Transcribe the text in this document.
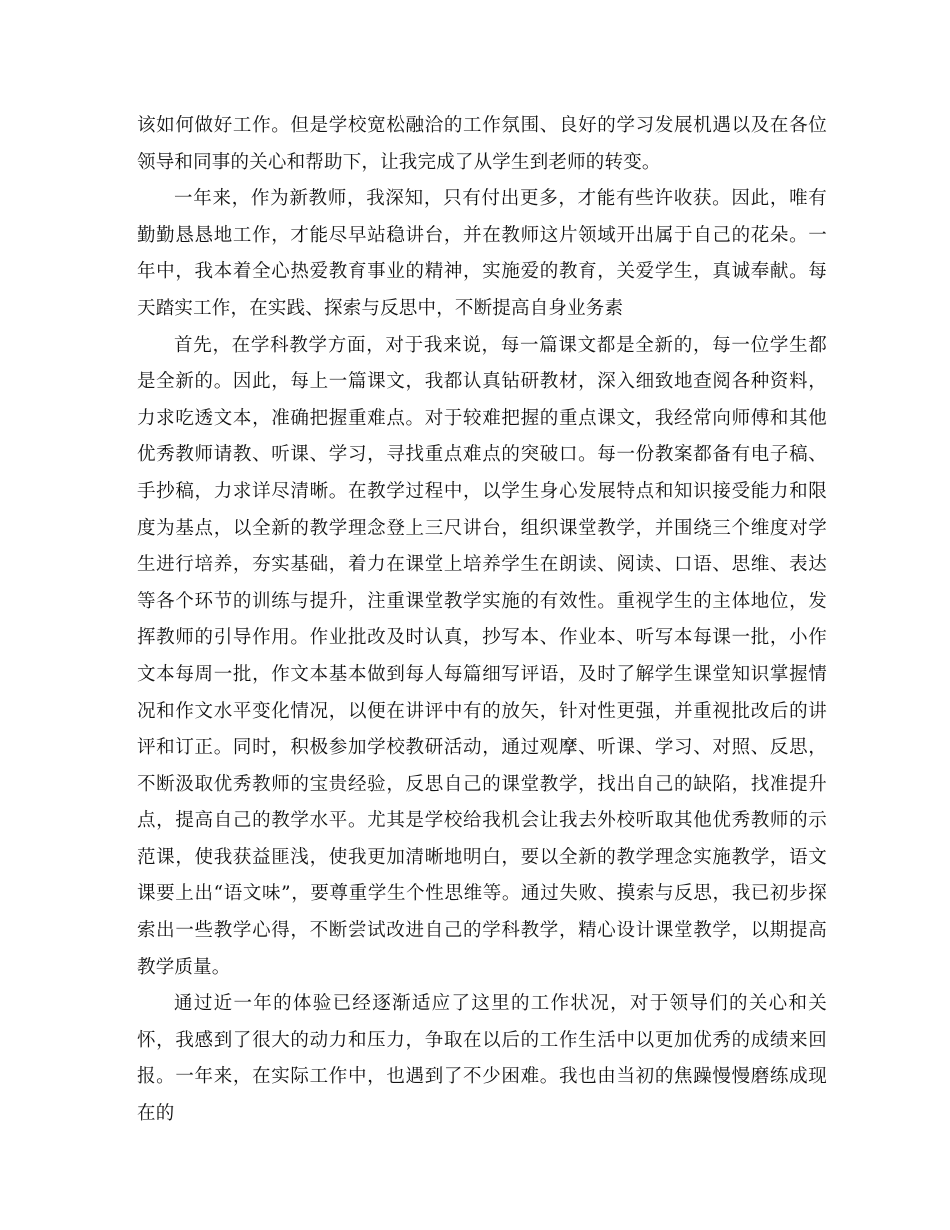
该如何做好工作。但是学校宽松融洽的工作氛围、良好的学习发展机遇以及在各位领导和同事的关心和帮助下，让我完成了从学生到老师的转变。

一年来，作为新教师，我深知，只有付出更多，才能有些许收获。因此，唯有勤勤恳恳地工作，才能尽早站稳讲台，并在教师这片领域开出属于自己的花朵。一年中，我本着全心热爱教育事业的精神，实施爱的教育，关爱学生，真诚奉献。每天踏实工作，在实践、探索与反思中，不断提高自身业务素

首先，在学科教学方面，对于我来说，每一篇课文都是全新的，每一位学生都是全新的。因此，每上一篇课文，我都认真钻研教材，深入细致地查阅各种资料，力求吃透文本，准确把握重难点。对于较难把握的重点课文，我经常向师傅和其他优秀教师请教、听课、学习，寻找重点难点的突破口。每一份教案都备有电子稿、手抄稿，力求详尽清晰。在教学过程中，以学生身心发展特点和知识接受能力和限度为基点，以全新的教学理念登上三尺讲台，组织课堂教学，并围绕三个维度对学生进行培养，夯实基础，着力在课堂上培养学生在朗读、阅读、口语、思维、表达等各个环节的训练与提升，注重课堂教学实施的有效性。重视学生的主体地位，发挥教师的引导作用。作业批改及时认真，抄写本、作业本、听写本每课一批，小作文本每周一批，作文本基本做到每人每篇细写评语，及时了解学生课堂知识掌握情况和作文水平变化情况，以便在讲评中有的放矢，针对性更强，并重视批改后的讲评和订正。同时，积极参加学校教研活动，通过观摩、听课、学习、对照、反思，不断汲取优秀教师的宝贵经验，反思自己的课堂教学，找出自己的缺陷，找准提升点，提高自己的教学水平。尤其是学校给我机会让我去外校听取其他优秀教师的示范课，使我获益匪浅，使我更加清晰地明白，要以全新的教学理念实施教学，语文课要上出“语文味”，要尊重学生个性思维等。通过失败、摸索与反思，我已初步探索出一些教学心得，不断尝试改进自己的学科教学，精心设计课堂教学，以期提高教学质量。

通过近一年的体验已经逐渐适应了这里的工作状况，对于领导们的关心和关怀，我感到了很大的动力和压力，争取在以后的工作生活中以更加优秀的成绩来回报。一年来，在实际工作中，也遇到了不少困难。我也由当初的焦躁慢慢磨练成现在的
